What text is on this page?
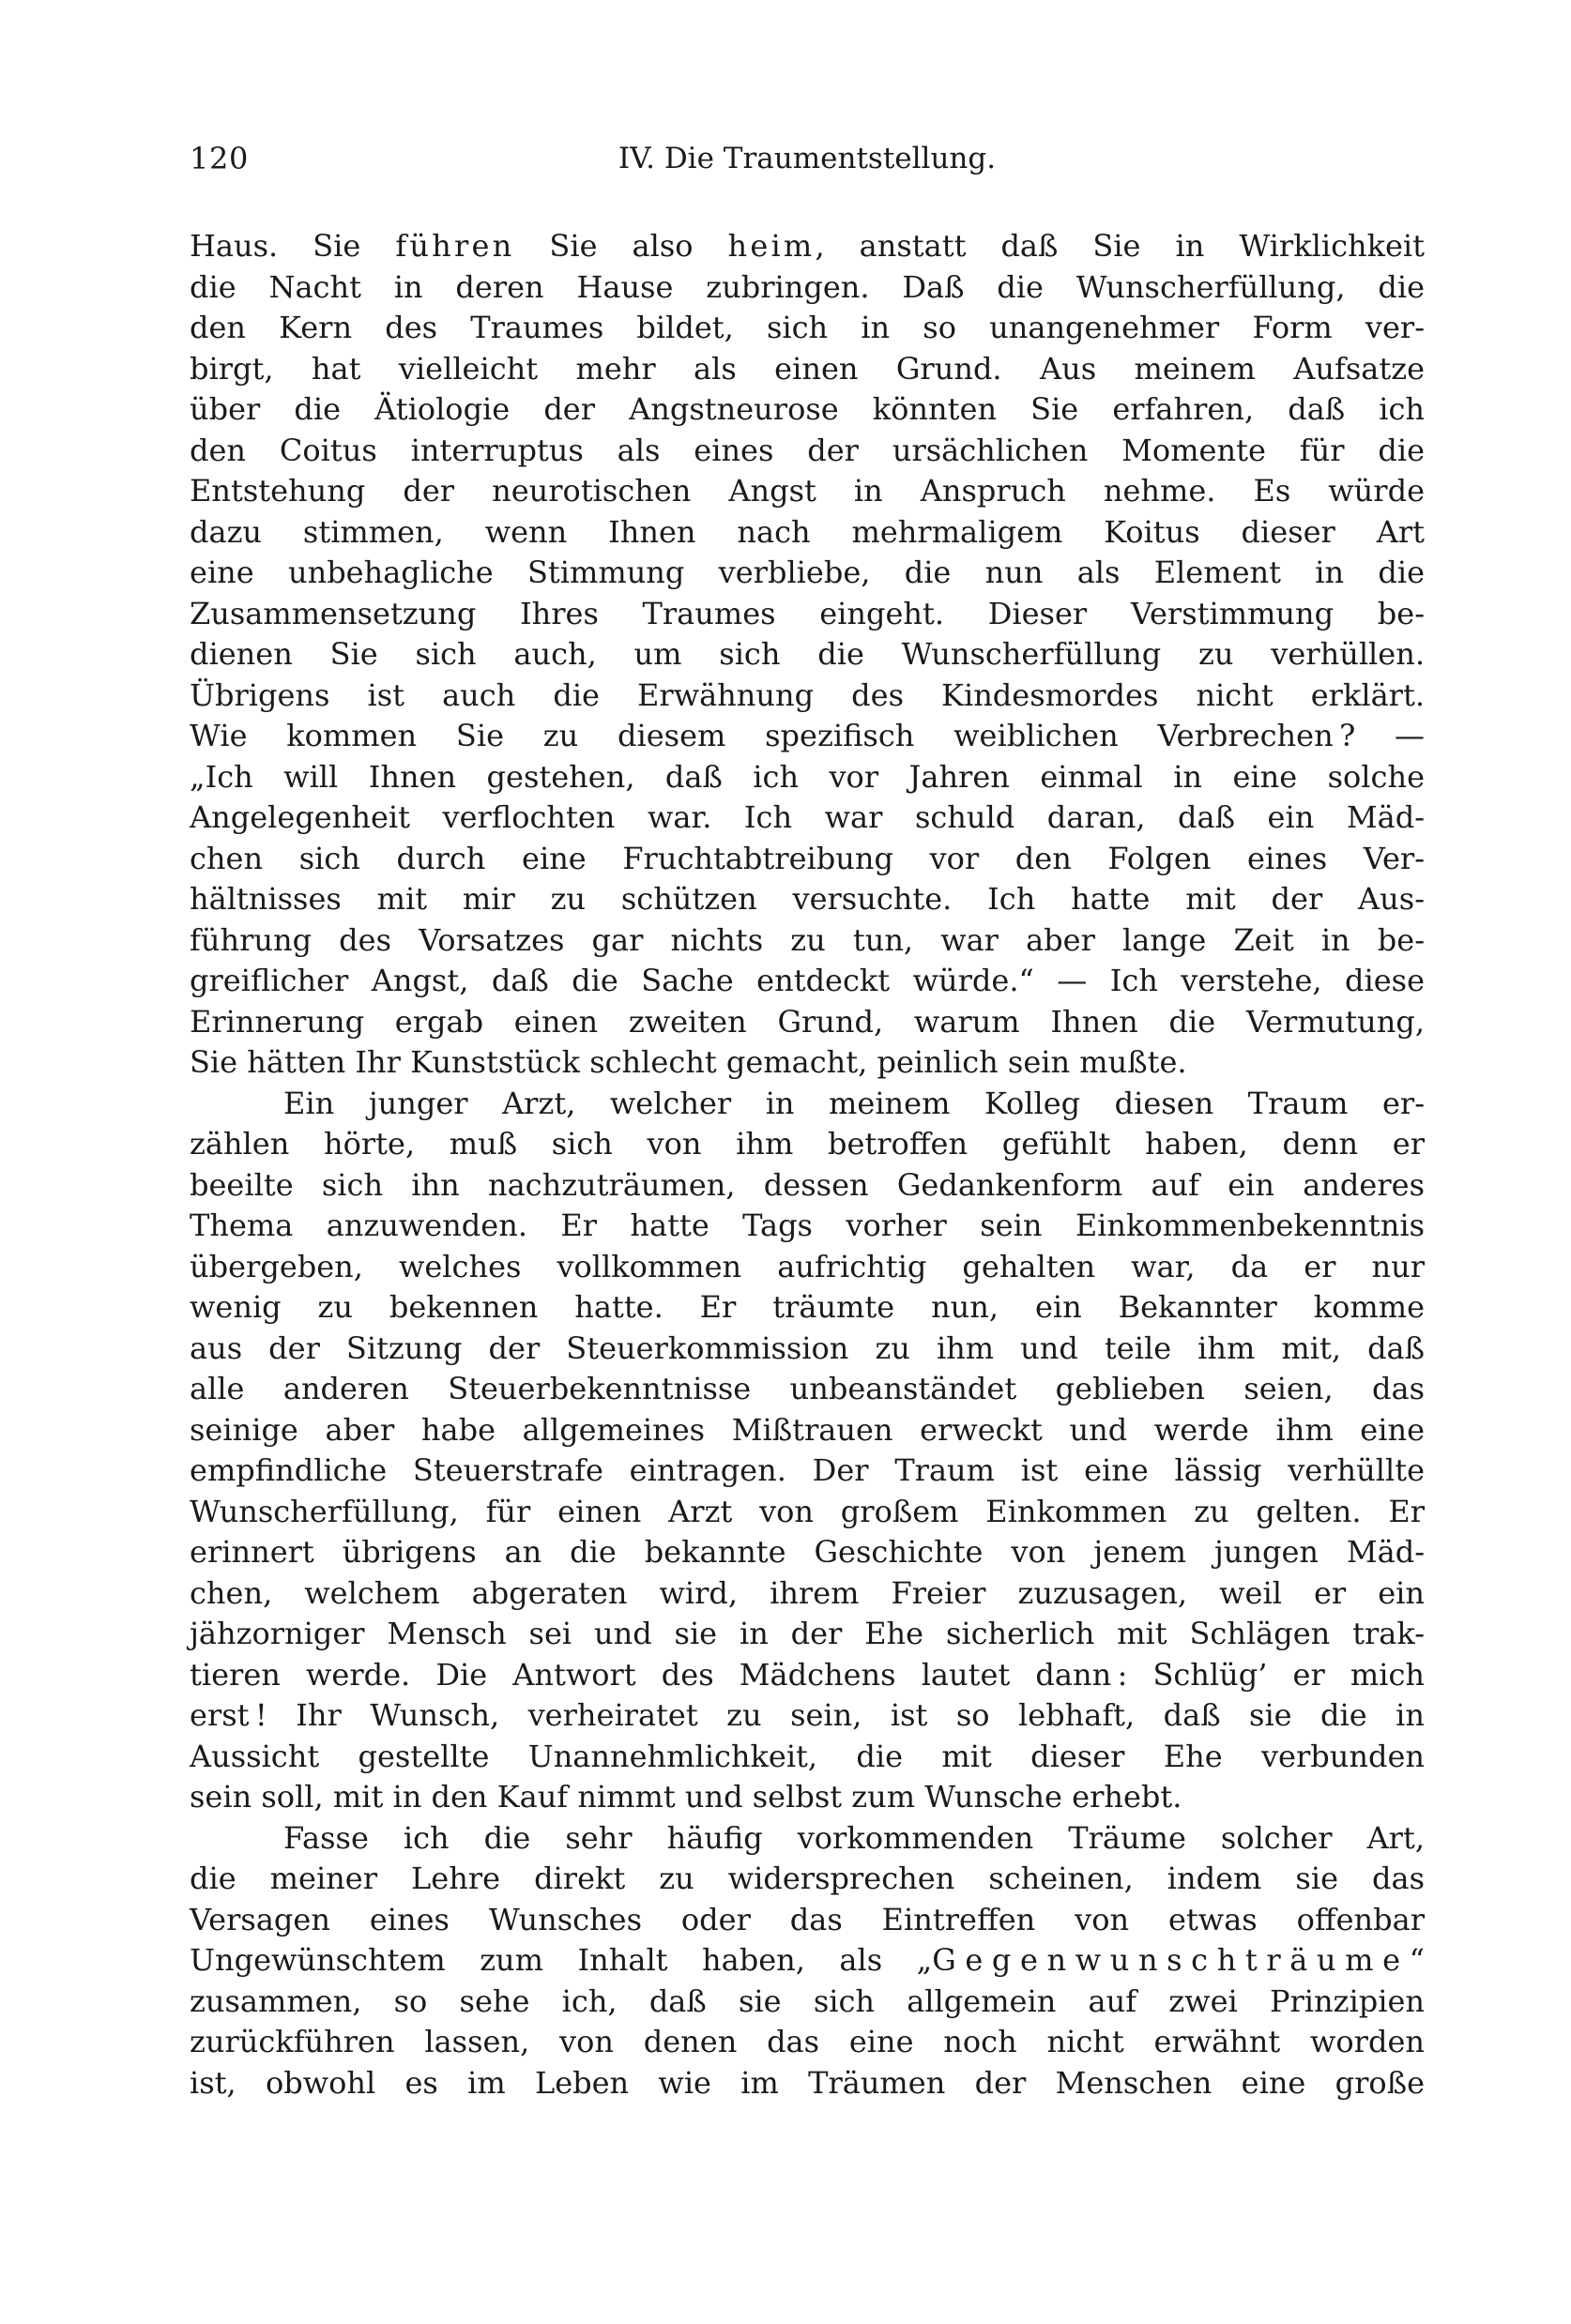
120	IV. Die Traumentstellung.
Haus. Sie führen Sie also heim, anstatt daß Sie in Wirklichkeit
die Nacht in deren Hause zubringen. Daß die Wunscherfüllung, die
den Kern des Traumes bildet, sich in so unangenehmer Form ver-
birgt, hat vielleicht mehr als einen Grund. Aus meinem Aufsatze
über die Ätiologie der Angstneurose könnten Sie erfahren, daß ich
den Coitus interruptus als eines der ursächlichen Momente für die
Entstehung der neurotischen Angst in Anspruch nehme. Es würde
dazu stimmen, wenn Ihnen nach mehrmaligem Koitus dieser Art
eine unbehagliche Stimmung verbliebe, die nun als Element in die
Zusammensetzung Ihres Traumes eingeht. Dieser Verstimmung be-
dienen Sie sich auch, um sich die Wunscherfüllung zu verhüllen.
Übrigens ist auch die Erwähnung des Kindesmordes nicht erklärt.
Wie kommen Sie zu diesem spezifisch weiblichen Verbrechen ? —
„Ich will Ihnen gestehen, daß ich vor Jahren einmal in eine solche
Angelegenheit verflochten war. Ich war schuld daran, daß ein Mäd-
chen sich durch eine Fruchtabtreibung vor den Folgen eines Ver-
hältnisses mit mir zu schützen versuchte. Ich hatte mit der Aus-
führung des Vorsatzes gar nichts zu tun, war aber lange Zeit in be-
greiflicher Angst, daß die Sache entdeckt würde.“ — Ich verstehe, diese
Erinnerung ergab einen zweiten Grund, warum Ihnen die Vermutung,
Sie hätten Ihr Kunststück schlecht gemacht, peinlich sein mußte.
Ein junger Arzt, welcher in meinem Kolleg diesen Traum er-
zählen hörte, muß sich von ihm betroffen gefühlt haben, denn er
beeilte sich ihn nachzuträumen, dessen Gedankenform auf ein anderes
Thema anzuwenden. Er hatte Tags vorher sein Einkommenbekenntnis
übergeben, welches vollkommen aufrichtig gehalten war, da er nur
wenig zu bekennen hatte. Er träumte nun, ein Bekannter komme
aus der Sitzung der Steuerkommission zu ihm und teile ihm mit, daß
alle anderen Steuerbekenntnisse unbeanständet geblieben seien, das
seinige aber habe allgemeines Mißtrauen erweckt und werde ihm eine
empfindliche Steuerstrafe eintragen. Der Traum ist eine lässig verhüllte
Wunscherfüllung, für einen Arzt von großem Einkommen zu gelten. Er
erinnert übrigens an die bekannte Geschichte von jenem jungen Mäd-
chen, welchem abgeraten wird, ihrem Freier zuzusagen, weil er ein
jähzorniger Mensch sei und sie in der Ehe sicherlich mit Schlägen trak-
tieren werde. Die Antwort des Mädchens lautet dann : Schlüg’ er mich
erst ! Ihr Wunsch, verheiratet zu sein, ist so lebhaft, daß sie die in
Aussicht gestellte Unannehmlichkeit, die mit dieser Ehe verbunden
sein soll, mit in den Kauf nimmt und selbst zum Wunsche erhebt.
Fasse ich die sehr häufig vorkommenden Träume solcher Art,
die meiner Lehre direkt zu widersprechen scheinen, indem sie das
Versagen eines Wunsches oder das Eintreffen von etwas offenbar
Ungewünschtem zum Inhalt haben, als „Gegenwunschträume“
zusammen, so sehe ich, daß sie sich allgemein auf zwei Prinzipien
zurückführen lassen, von denen das eine noch nicht erwähnt worden
ist, obwohl es im Leben wie im Träumen der Menschen eine große
